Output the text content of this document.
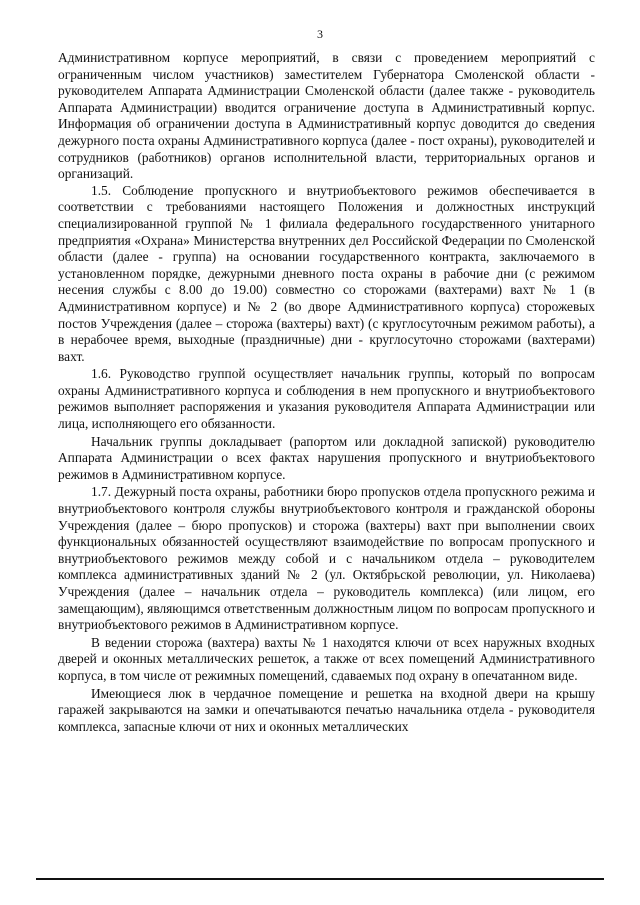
3

Административном корпусе мероприятий, в связи с проведением мероприятий с ограниченным числом участников) заместителем Губернатора Смоленской области - руководителем Аппарата Администрации Смоленской области (далее также - руководитель Аппарата Администрации) вводится ограничение доступа в Административный корпус. Информация об ограничении доступа в Административный корпус доводится до сведения дежурного поста охраны Административного корпуса (далее - пост охраны), руководителей и сотрудников (работников) органов исполнительной власти, территориальных органов и организаций.

1.5. Соблюдение пропускного и внутриобъектового режимов обеспечивается в соответствии с требованиями настоящего Положения и должностных инструкций специализированной группой № 1 филиала федерального государственного унитарного предприятия «Охрана» Министерства внутренних дел Российской Федерации по Смоленской области (далее - группа) на основании государственного контракта, заключаемого в установленном порядке, дежурными дневного поста охраны в рабочие дни (с режимом несения службы с 8.00 до 19.00) совместно со сторожами (вахтерами) вахт № 1 (в Административном корпусе) и № 2 (во дворе Административного корпуса) сторожевых постов Учреждения (далее – сторожа (вахтеры) вахт) (с круглосуточным режимом работы), а в нерабочее время, выходные (праздничные) дни - круглосуточно сторожами (вахтерами) вахт.

1.6. Руководство группой осуществляет начальник группы, который по вопросам охраны Административного корпуса и соблюдения в нем пропускного и внутриобъектового режимов выполняет распоряжения и указания руководителя Аппарата Администрации или лица, исполняющего его обязанности.

Начальник группы докладывает (рапортом или докладной запиской) руководителю Аппарата Администрации о всех фактах нарушения пропускного и внутриобъектового режимов в Административном корпусе.

1.7. Дежурный поста охраны, работники бюро пропусков отдела пропускного режима и внутриобъектового контроля службы внутриобъектового контроля и гражданской обороны Учреждения (далее – бюро пропусков) и сторожа (вахтеры) вахт при выполнении своих функциональных обязанностей осуществляют взаимодействие по вопросам пропускного и внутриобъектового режимов между собой и с начальником отдела – руководителем комплекса административных зданий № 2 (ул. Октябрьской революции, ул. Николаева) Учреждения (далее – начальник отдела – руководитель комплекса) (или лицом, его замещающим), являющимся ответственным должностным лицом по вопросам пропускного и внутриобъектового режимов в Административном корпусе.

В ведении сторожа (вахтера) вахты № 1 находятся ключи от всех наружных входных дверей и оконных металлических решеток, а также от всех помещений Административного корпуса, в том числе от режимных помещений, сдаваемых под охрану в опечатанном виде.

Имеющиеся люк в чердачное помещение и решетка на входной двери на крышу гаражей закрываются на замки и опечатываются печатью начальника отдела - руководителя комплекса, запасные ключи от них и оконных металлических
